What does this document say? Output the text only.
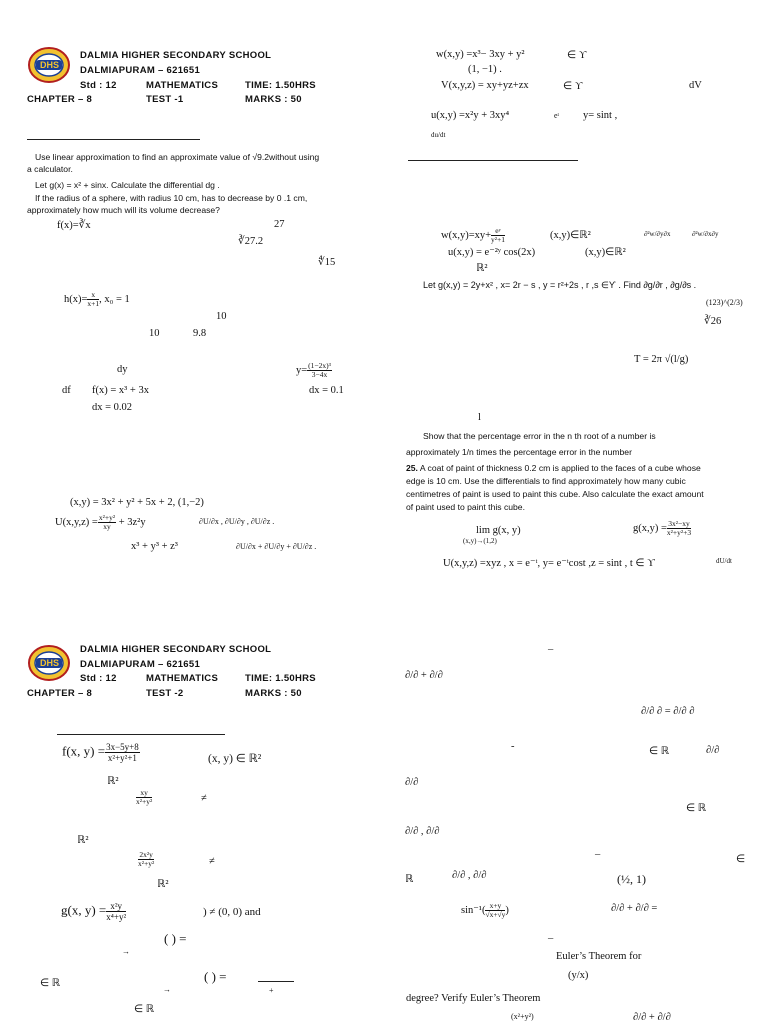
DHS
DALMIA HIGHER SECONDARY SCHOOL
DALMIAPURAM – 621651
Std : 12	MATHEMATICS	TIME: 1.50HRS
CHAPTER – 8	TEST -1	MARKS : 50
Use linear approximation to find an approximate value of √9.2without using
a calculator.
Let g(x) = x² + sinx. Calculate the differential dg .
If the radius of a sphere, with radius 10 cm, has to decrease by 0 .1 cm,
approximately how much will its volume decrease?
f(x)=∛x	27
∛27.2
∜15
$h(x)= \frac{x}{x+1}$ , x₀ = 1
10
10	9.8
dy
df f(x) = x³ + 3x
dx = 0.02
$y= \frac{\text{(1−2x)³}}{3-4x}$
dx = 0.1
(x,y) = 3x² + y² + 5x + 2, (1,−2)
$U(x,y,z) = \frac{\text{x²+y²}}{xy} + 3z^2y$	∂U/∂x , ∂U/∂y , ∂U/∂z .
x³ + y³ + z³	∂U/∂x + ∂U/∂y + ∂U/∂z .
w(x,y) =x³− 3xy + y²	∈ ϒ
(1, −1) .
V(x,y,z) = xy+yz+zx	∈ ϒ	dV
u(x,y) =x²y + 3xy⁴	eᵗ y= sint ,
du/dt
$w(x,y)=xy+ \frac{\text{eʸ}}{\text{y²+1}}$	(x,y)∈ℝ²	∂²w/∂y∂x	∂²w/∂x∂y
u(x,y) = e⁻²ʸ cos(2x)	(x,y)∈ℝ²
ℝ²
Let g(x,y) = 2y+x² , x= 2r − s , y = r²+2s , r ,s ∈ϒ . Find ∂g/∂r , ∂g/∂s .
(123)^(2/3)
∛26
T = 2π √(l/g)
l
Show that the percentage error in the n th root of a number is
approximately 1/n times the percentage error in the number
25. A coat of paint of thickness 0.2 cm is applied to the faces of a cube whose
edge is 10 cm. Use the differentials to find approximately how many cubic
centimetres of paint is used to paint this cube. Also calculate the exact amount
of paint used to paint this cube.
lim g(x, y)
(x,y)→(1,2)
$g(x,y) = \frac{\text{3x²−xy}}{\text{x²+y²+3}}$
U(x,y,z) =xyz , x = e⁻ᵗ, y= e⁻ᵗcost ,z = sint , t ∈ ϒ	dU/dt
DHS
DALMIA HIGHER SECONDARY SCHOOL
DALMIAPURAM – 621651
Std : 12	MATHEMATICS	TIME: 1.50HRS
CHAPTER – 8	TEST -2	MARKS : 50
f(x, $y) = \frac{3x-5y+8}{\text{x²+y²+1}}$	(x, y) ∈ ℝ²
ℝ²
$\frac{xy}{\text{x²+y²}}$	≠
ℝ²
$\frac{\text{2x²y}}{\text{x²+y²}}$	≠
ℝ²
g(x, $y) = \frac{\text{x²y}}{\text{x⁴+y²}}$	) ≠ (0, 0) and
( ) =
→
∈ ℝ
→
( ) =
+
∈ ℝ
–
∂/∂ + ∂/∂
∂/∂ ∂ = ∂/∂ ∂
-	∈ ℝ	∂/∂
∂/∂
∈ ℝ
∂/∂ , ∂/∂
–	∈
ℝ	∂/∂ , ∂/∂	(½, 1)
$\sin^{-1}( \frac{x+y}{√x+√y}$ )	∂/∂ + ∂/∂ =
–
Euler’s Theorem for
(y/x)
degree? Verify Euler’s Theorem
(x²+y²)	∂/∂ + ∂/∂
